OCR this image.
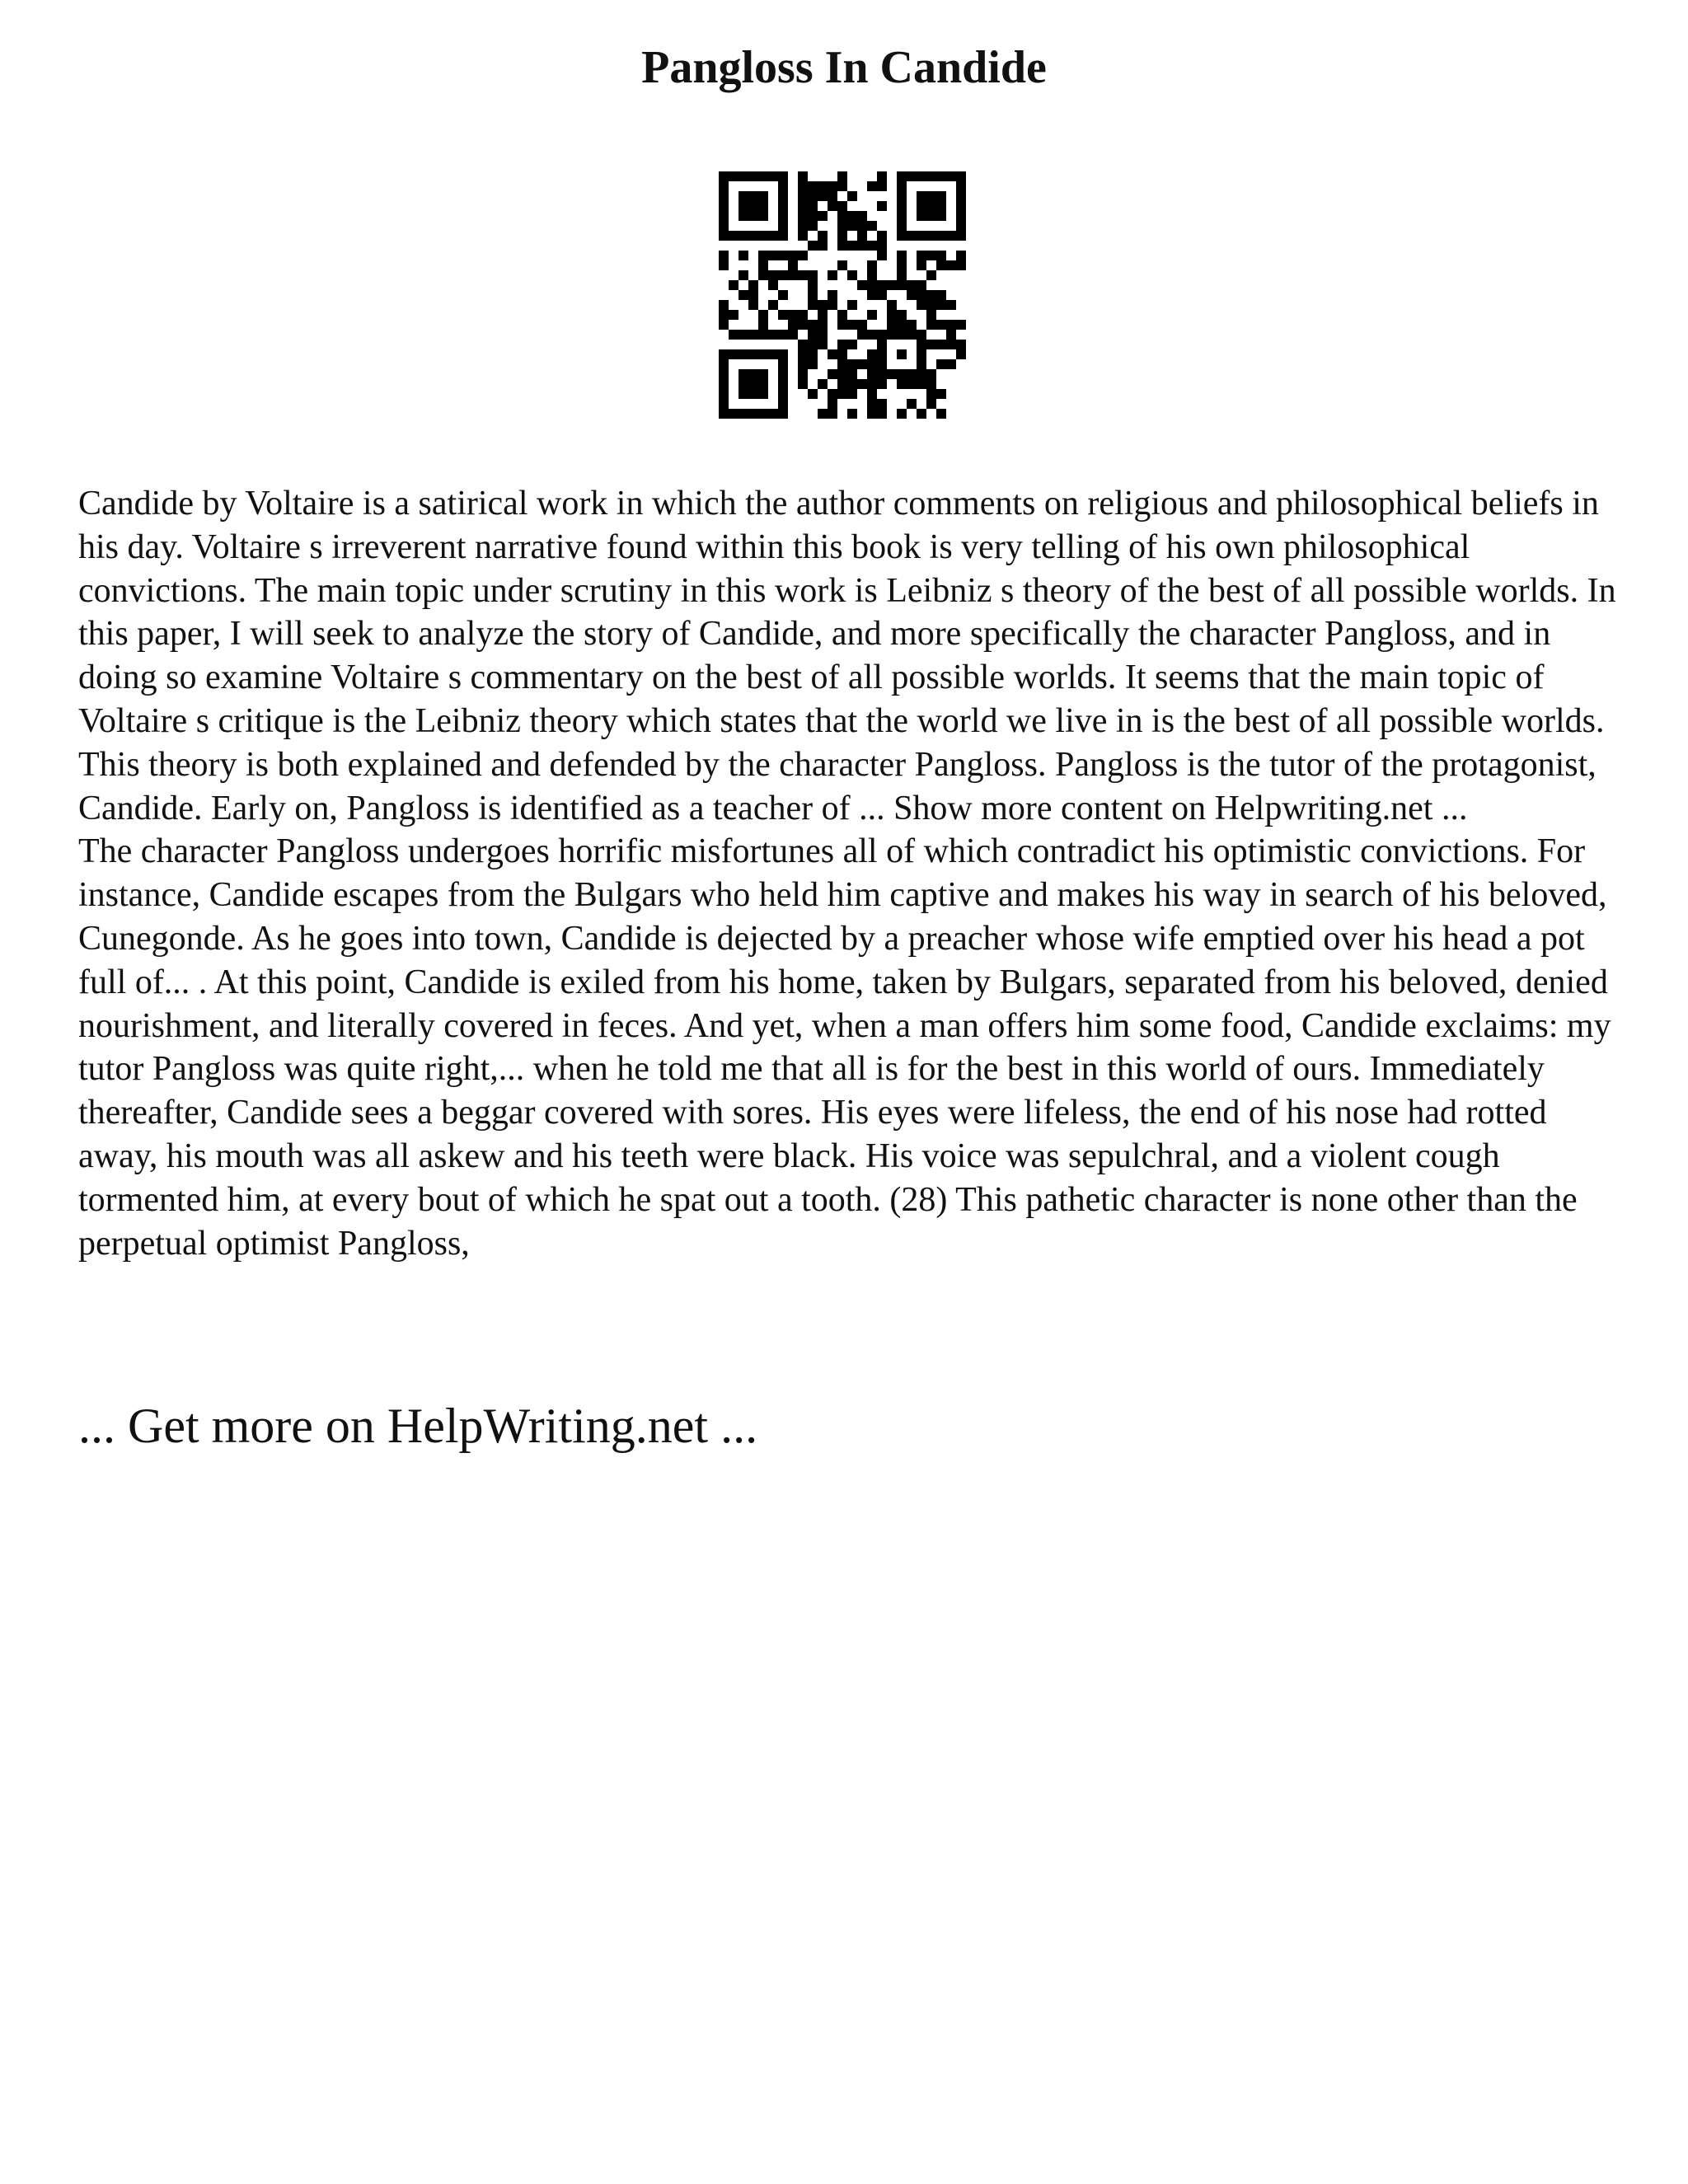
Pangloss In Candide

Candide by Voltaire is a satirical work in which the author comments on religious and philosophical beliefs in his day. Voltaire s irreverent narrative found within this book is very telling of his own philosophical convictions. The main topic under scrutiny in this work is Leibniz s theory of the best of all possible worlds. In this paper, I will seek to analyze the story of Candide, and more specifically the character Pangloss, and in doing so examine Voltaire s commentary on the best of all possible worlds. It seems that the main topic of Voltaire s critique is the Leibniz theory which states that the world we live in is the best of all possible worlds. This theory is both explained and defended by the character Pangloss. Pangloss is the tutor of the protagonist, Candide. Early on, Pangloss is identified as a teacher of ... Show more content on Helpwriting.net ...

The character Pangloss undergoes horrific misfortunes all of which contradict his optimistic convictions. For instance, Candide escapes from the Bulgars who held him captive and makes his way in search of his beloved, Cunegonde. As he goes into town, Candide is dejected by a preacher whose wife emptied over his head a pot full of... . At this point, Candide is exiled from his home, taken by Bulgars, separated from his beloved, denied nourishment, and literally covered in feces. And yet, when a man offers him some food, Candide exclaims: my tutor Pangloss was quite right,... when he told me that all is for the best in this world of ours. Immediately thereafter, Candide sees a beggar covered with sores. His eyes were lifeless, the end of his nose had rotted away, his mouth was all askew and his teeth were black. His voice was sepulchral, and a violent cough tormented him, at every bout of which he spat out a tooth. (28) This pathetic character is none other than the perpetual optimist Pangloss,

... Get more on HelpWriting.net ...
